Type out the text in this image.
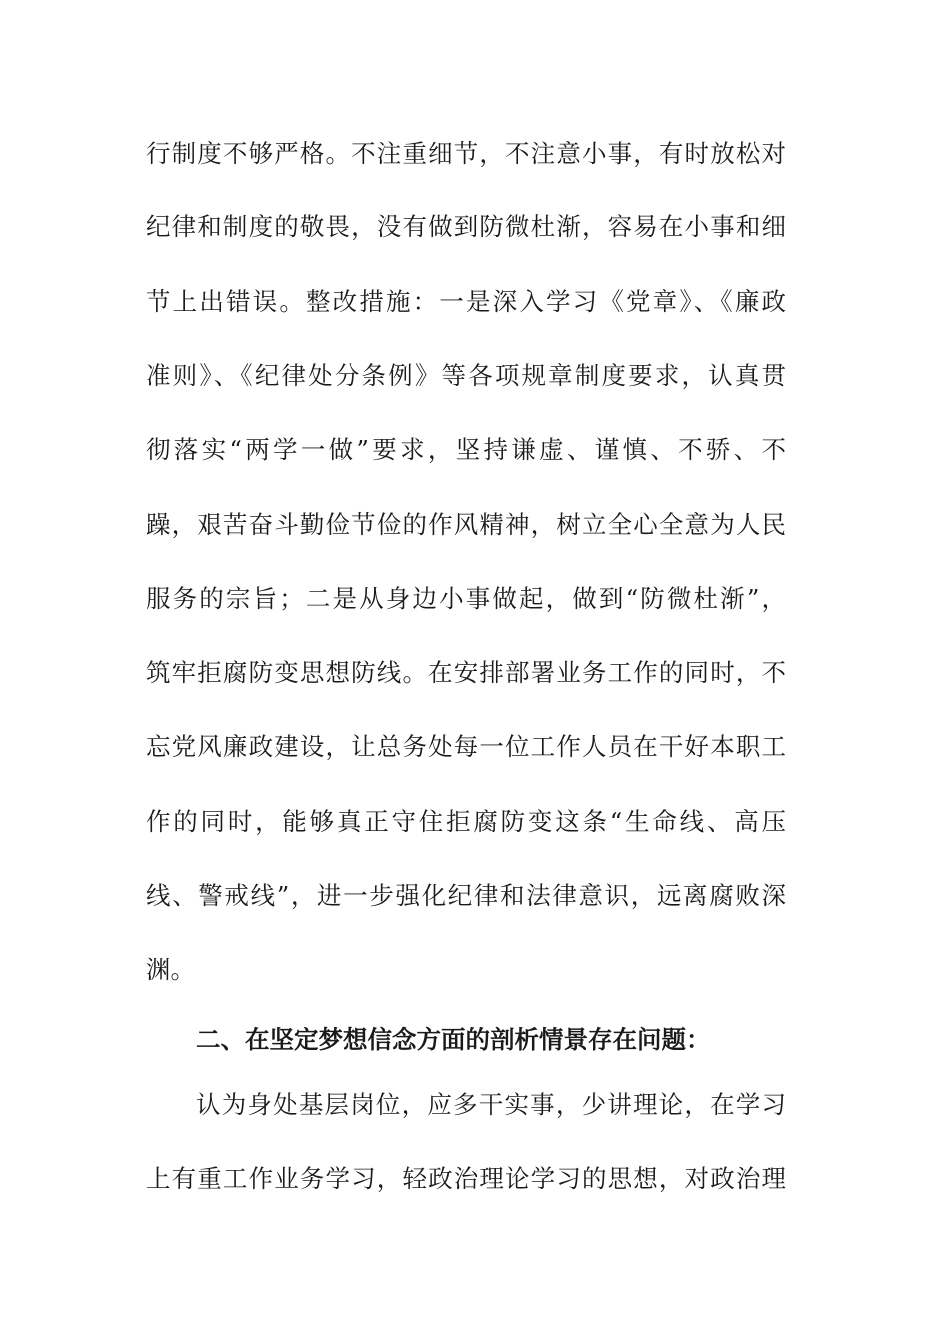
行制度不够严格。不注重细节，不注意小事，有时放松对
纪律和制度的敬畏，没有做到防微杜渐，容易在小事和细
节上出错误。整改措施：一是深入学习《党章》、《廉政
准则》、《纪律处分条例》等各项规章制度要求，认真贯
彻落实“两学一做”要求，坚持谦虚、谨慎、不骄、不
躁，艰苦奋斗勤俭节俭的作风精神，树立全心全意为人民
服务的宗旨；二是从身边小事做起，做到“防微杜渐”，
筑牢拒腐防变思想防线。在安排部署业务工作的同时，不
忘党风廉政建设，让总务处每一位工作人员在干好本职工
作的同时，能够真正守住拒腐防变这条“生命线、高压
线、警戒线”，进一步强化纪律和法律意识，远离腐败深
渊。
二、在坚定梦想信念方面的剖析情景存在问题：
认为身处基层岗位，应多干实事，少讲理论，在学习
上有重工作业务学习，轻政治理论学习的思想，对政治理
